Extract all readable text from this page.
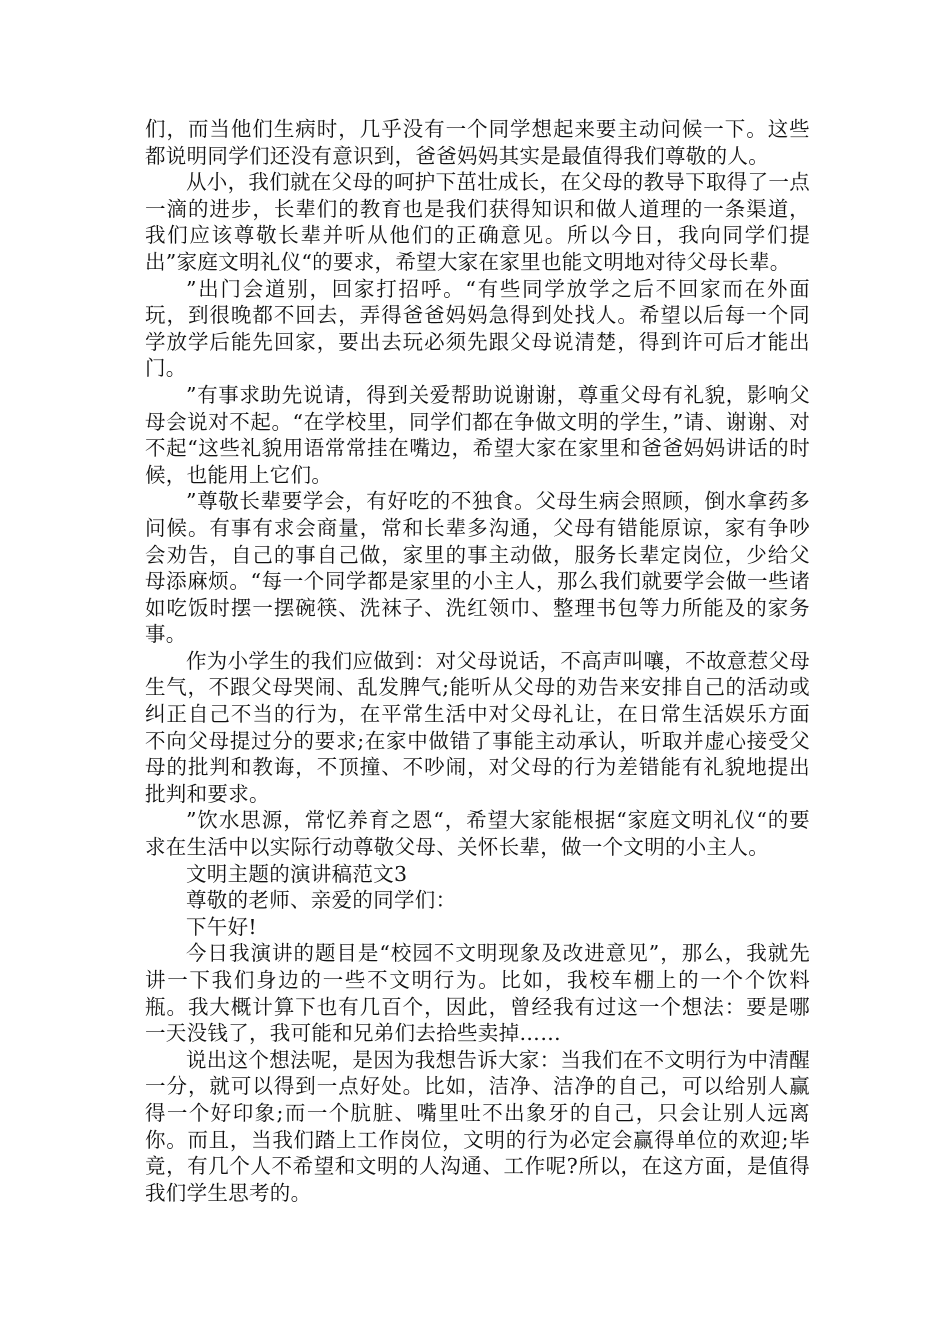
们，而当他们生病时，几乎没有一个同学想起来要主动问候一下。这些都说明同学们还没有意识到，爸爸妈妈其实是最值得我们尊敬的人。

从小，我们就在父母的呵护下茁壮成长，在父母的教导下取得了一点一滴的进步，长辈们的教育也是我们获得知识和做人道理的一条渠道，我们应该尊敬长辈并听从他们的正确意见。所以今日，我向同学们提出”家庭文明礼仪“的要求，希望大家在家里也能文明地对待父母长辈。

”出门会道别，回家打招呼。“有些同学放学之后不回家而在外面玩，到很晚都不回去，弄得爸爸妈妈急得到处找人。希望以后每一个同学放学后能先回家，要出去玩必须先跟父母说清楚，得到许可后才能出门。

”有事求助先说请，得到关爱帮助说谢谢，尊重父母有礼貌，影响父母会说对不起。“在学校里，同学们都在争做文明的学生，”请、谢谢、对不起“这些礼貌用语常常挂在嘴边，希望大家在家里和爸爸妈妈讲话的时候，也能用上它们。

”尊敬长辈要学会，有好吃的不独食。父母生病会照顾，倒水拿药多问候。有事有求会商量，常和长辈多沟通，父母有错能原谅，家有争吵会劝告，自己的事自己做，家里的事主动做，服务长辈定岗位，少给父母添麻烦。“每一个同学都是家里的小主人，那么我们就要学会做一些诸如吃饭时摆一摆碗筷、洗袜子、洗红领巾、整理书包等力所能及的家务事。

作为小学生的我们应做到：对父母说话，不高声叫嚷，不故意惹父母生气，不跟父母哭闹、乱发脾气;能听从父母的劝告来安排自己的活动或纠正自己不当的行为，在平常生活中对父母礼让，在日常生活娱乐方面不向父母提过分的要求;在家中做错了事能主动承认，听取并虚心接受父母的批判和教诲，不顶撞、不吵闹，对父母的行为差错能有礼貌地提出批判和要求。

”饮水思源，常忆养育之恩“，希望大家能根据“家庭文明礼仪“的要求在生活中以实际行动尊敬父母、关怀长辈，做一个文明的小主人。

文明主题的演讲稿范文3

尊敬的老师、亲爱的同学们：

下午好!

今日我演讲的题目是“校园不文明现象及改进意见”，那么，我就先讲一下我们身边的一些不文明行为。比如，我校车棚上的一个个饮料瓶。我大概计算下也有几百个，因此，曾经我有过这一个想法：要是哪一天没钱了，我可能和兄弟们去拾些卖掉……

说出这个想法呢，是因为我想告诉大家：当我们在不文明行为中清醒一分，就可以得到一点好处。比如，洁净、洁净的自己，可以给别人赢得一个好印象;而一个肮脏、嘴里吐不出象牙的自己，只会让别人远离你。而且，当我们踏上工作岗位，文明的行为必定会赢得单位的欢迎;毕竟，有几个人不希望和文明的人沟通、工作呢?所以，在这方面，是值得我们学生思考的。
